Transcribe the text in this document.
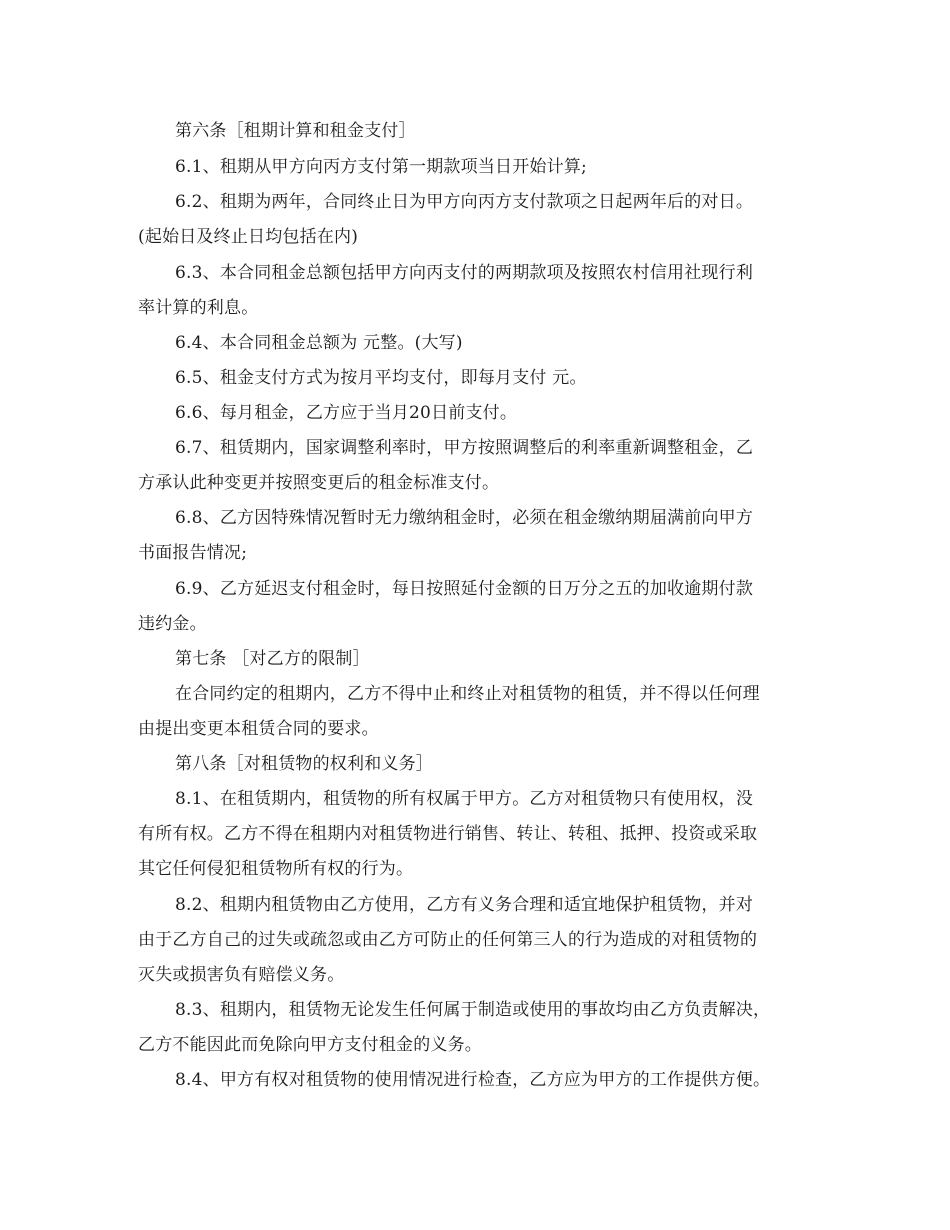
第六条［租期计算和租金支付］
6.1、租期从甲方向丙方支付第一期款项当日开始计算;
6.2、租期为两年，合同终止日为甲方向丙方支付款项之日起两年后的对日。
(起始日及终止日均包括在内)
6.3、本合同租金总额包括甲方向丙支付的两期款项及按照农村信用社现行利
率计算的利息。
6.4、本合同租金总额为 元整。(大写)
6.5、租金支付方式为按月平均支付，即每月支付 元。
6.6、每月租金，乙方应于当月20日前支付。
6.7、租赁期内，国家调整利率时，甲方按照调整后的利率重新调整租金，乙
方承认此种变更并按照变更后的租金标准支付。
6.8、乙方因特殊情况暂时无力缴纳租金时，必须在租金缴纳期届满前向甲方
书面报告情况;
6.9、乙方延迟支付租金时，每日按照延付金额的日万分之五的加收逾期付款
违约金。
第七条 ［对乙方的限制］
在合同约定的租期内，乙方不得中止和终止对租赁物的租赁，并不得以任何理
由提出变更本租赁合同的要求。
第八条［对租赁物的权利和义务］
8.1、在租赁期内，租赁物的所有权属于甲方。乙方对租赁物只有使用权，没
有所有权。乙方不得在租期内对租赁物进行销售、转让、转租、抵押、投资或采取
其它任何侵犯租赁物所有权的行为。
8.2、租期内租赁物由乙方使用，乙方有义务合理和适宜地保护租赁物，并对
由于乙方自己的过失或疏忽或由乙方可防止的任何第三人的行为造成的对租赁物的
灭失或损害负有赔偿义务。
8.3、租期内，租赁物无论发生任何属于制造或使用的事故均由乙方负责解决，
乙方不能因此而免除向甲方支付租金的义务。
8.4、甲方有权对租赁物的使用情况进行检查，乙方应为甲方的工作提供方便。
